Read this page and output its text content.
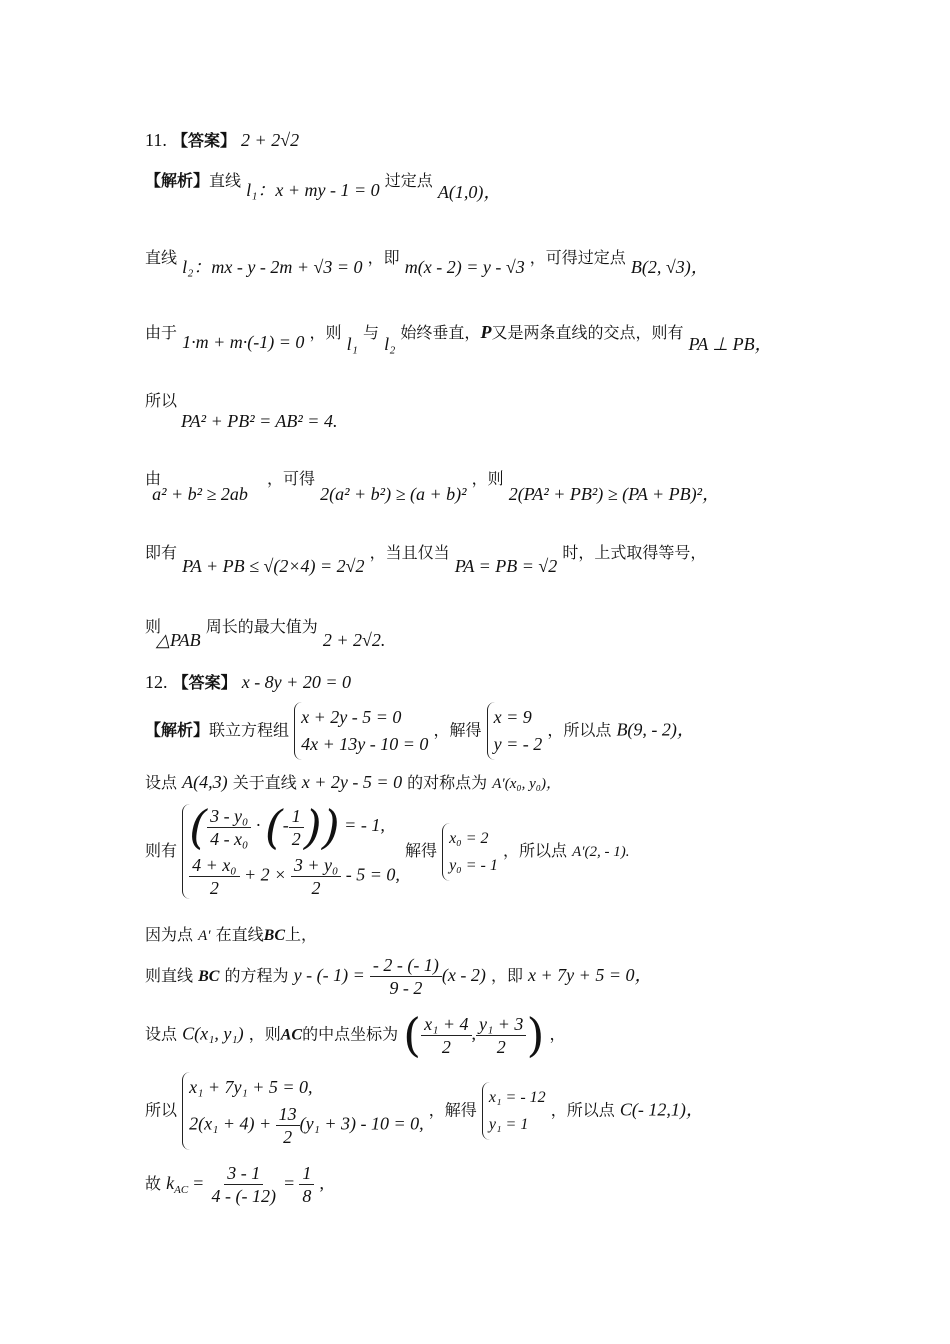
11. 【答案】 2 + 2√2
【解析】直线 l₁：x + my - 1 = 0 过定点 A(1,0)，
直线 l₂：mx - y - 2m + √3 = 0 ，即 m(x - 2) = y - √3 ，可得过定点 B(2, √3)，
由于 1·m + m·(-1) = 0 ，则 l₁ 与 l₂ 始终垂直，P又是两条直线的交点，则有 PA ⊥ PB，
所以
PA² + PB² = AB² = 4.
由 a² + b² ≥ 2ab ，可得 2(a² + b²) ≥ (a + b)² ，则 2(PA² + PB²) ≥ (PA + PB)²，
即有 PA + PB ≤ √(2×4) = 2√2 ，当且仅当 PA = PB = √2 时，上式取得等号，
则 △PAB 周长的最大值为 2 + 2√2.
12. 【答案】 x - 8y + 20 = 0
【解析】联立方程组
x + 2y - 5 = 0
4x + 13y - 10 = 0
，解得
x = 9
y = - 2
，所以点 B(9, - 2)，
设点 A(4,3) 关于直线 x + 2y - 5 = 0 的对称点为 A′(x₀, y₀)，
则有 ( $\frac{\text{3 - y₀}}{\text{4 - x₀}}$ · (- $\frac{1}{2}$ )) = - 1,
$\frac{\text{4 + x₀}}{2} + 2 \times \frac{\text{3 + y₀}}{2} - 5 = 0$,
解得
x₀ = 2
y₀ = - 1
，所以点 A′(2, - 1).
因为点 A′ 在直线BC上，
则直线 BC 的方程为 y - (- $1) = \frac{- 2 - (- 1)}{9 - 2} (x - 2)$ ，即 x + 7y + 5 = 0，
设点 C(x₁, y₁) ，则AC的中点坐标为 ( $\frac{\text{x₁ + 4}}{2}$ , $\frac{\text{y₁ + 3}}{2}$ ) ，
所以
x₁ + 7y₁ + 5 = 0,
$2(x_1 + 4) + \frac{13}{2} (y_1 + 3) - 10 = 0$,
，解得
x₁ = - 12
y₁ = 1
，所以点 C(- 12,1)，
故 $k_{AC} = \frac{3 - 1}{4 - (- 12)} = \frac{1}{8}$ ,
